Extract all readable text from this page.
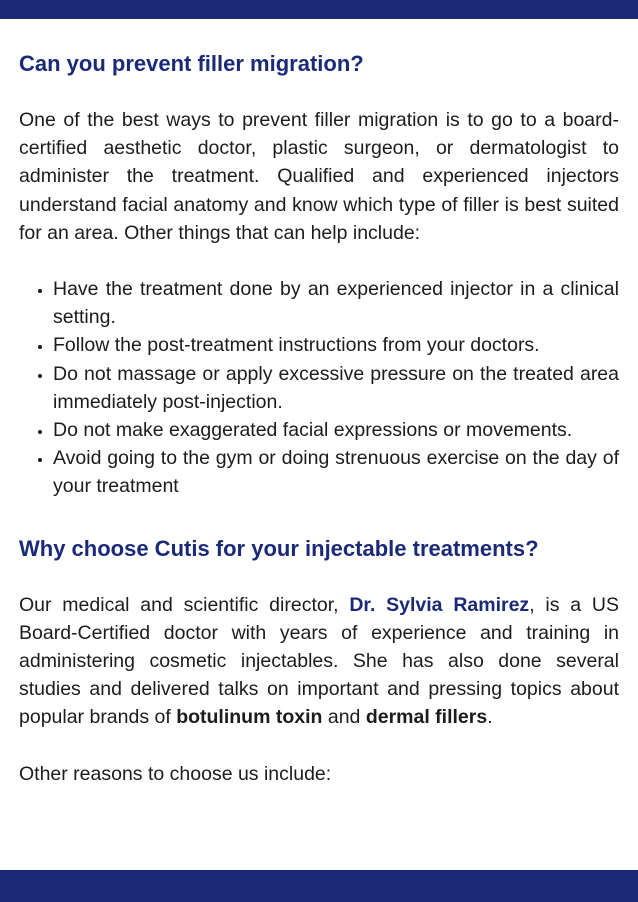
Can you prevent filler migration?

One of the best ways to prevent filler migration is to go to a board-certified aesthetic doctor, plastic surgeon, or dermatologist to administer the treatment. Qualified and experienced injectors understand facial anatomy and know which type of filler is best suited for an area. Other things that can help include:

• Have the treatment done by an experienced injector in a clinical setting.
• Follow the post-treatment instructions from your doctors.
• Do not massage or apply excessive pressure on the treated area immediately post-injection.
• Do not make exaggerated facial expressions or movements.
• Avoid going to the gym or doing strenuous exercise on the day of your treatment
Why choose Cutis for your injectable treatments?

Our medical and scientific director, Dr. Sylvia Ramirez, is a US Board-Certified doctor with years of experience and training in administering cosmetic injectables. She has also done several studies and delivered talks on important and pressing topics about popular brands of botulinum toxin and dermal fillers.

Other reasons to choose us include:
